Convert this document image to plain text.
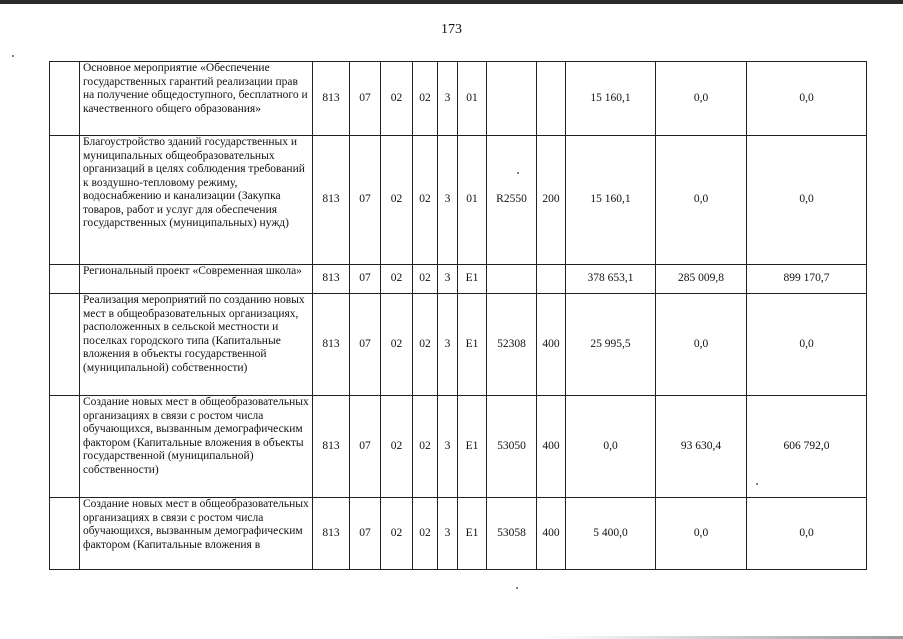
173
	Основное мероприятие «Обеспечение государственных гарантий реализации прав на получение общедоступного, бесплатного и качественного общего образования»	813	07	02	02	3	01			15 160,1	0,0	0,0
	Благоустройство зданий государственных и муниципальных общеобразовательных организаций в целях соблюдения требований к воздушно-тепловому режиму, водоснабжению и канализации (Закупка товаров, работ и услуг для обеспечения государственных (муниципальных) нужд)	813	07	02	02	3	01	R2550	200	15 160,1	0,0	0,0
	Региональный проект «Современная школа»	813	07	02	02	3	E1			378 653,1	285 009,8	899 170,7
	Реализация мероприятий по созданию новых мест в общеобразовательных организациях, расположенных в сельской местности и поселках городского типа (Капитальные вложения в объекты государственной (муниципальной) собственности)	813	07	02	02	3	E1	52308	400	25 995,5	0,0	0,0
	Создание новых мест в общеобразовательных организациях в связи с ростом числа обучающихся, вызванным демографическим фактором (Капитальные вложения в объекты государственной (муниципальной) собственности)	813	07	02	02	3	E1	53050	400	0,0	93 630,4	606 792,0
	Создание новых мест в общеобразовательных организациях в связи с ростом числа обучающихся, вызванным демографическим фактором (Капитальные вложения в	813	07	02	02	3	E1	53058	400	5 400,0	0,0	0,0
